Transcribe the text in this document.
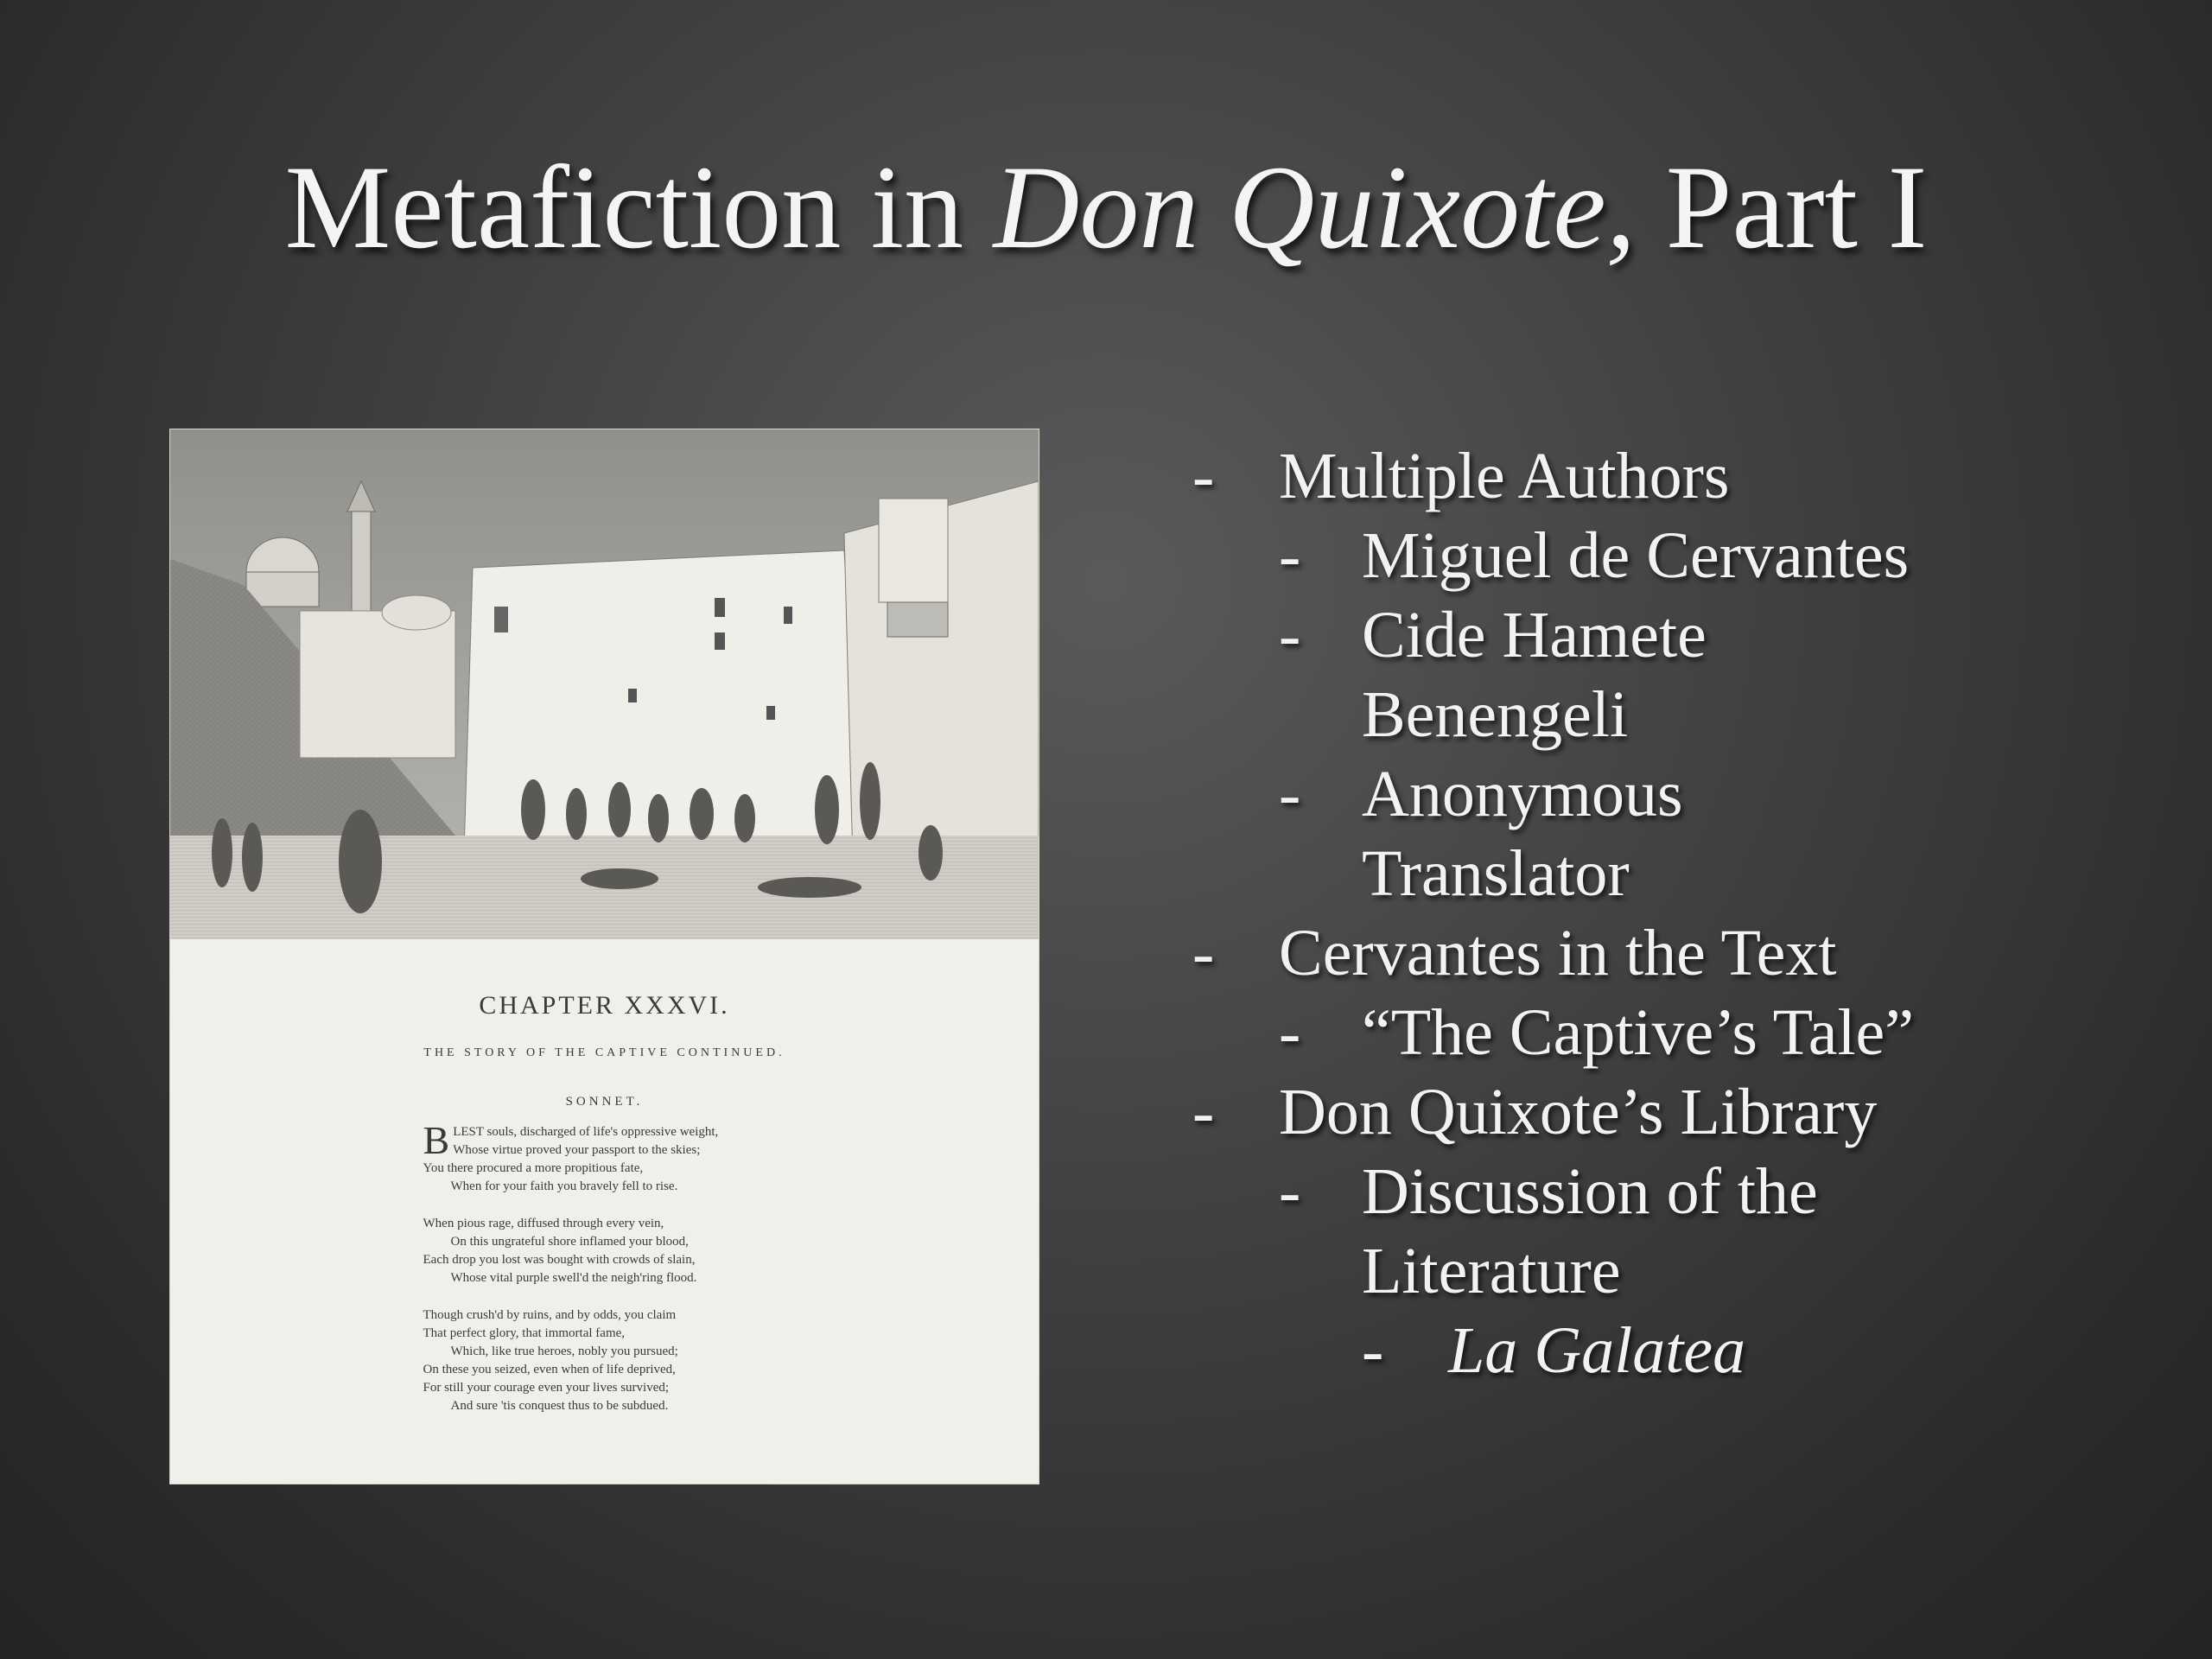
Metafiction in Don Quixote, Part I
CHAPTER XXXVI.
THE STORY OF THE CAPTIVE CONTINUED.
SONNET.
B LEST souls, discharged of life's oppressive weight,
Whose virtue proved your passport to the skies;
You there procured a more propitious fate,
When for your faith you bravely fell to rise.
When pious rage, diffused through every vein,
On this ungrateful shore inflamed your blood,
Each drop you lost was bought with crowds of slain,
Whose vital purple swell'd the neigh'ring flood.
Though crush'd by ruins, and by odds, you claim
That perfect glory, that immortal fame,
Which, like true heroes, nobly you pursued;
On these you seized, even when of life deprived,
For still your courage even your lives survived;
And sure 'tis conquest thus to be subdued.
- Multiple Authors
- Miguel de Cervantes
- Cide Hamete
Benengeli
- Anonymous
Translator
- Cervantes in the Text
- “The Captive’s Tale”
- Don Quixote’s Library
- Discussion of the
Literature
- La Galatea
